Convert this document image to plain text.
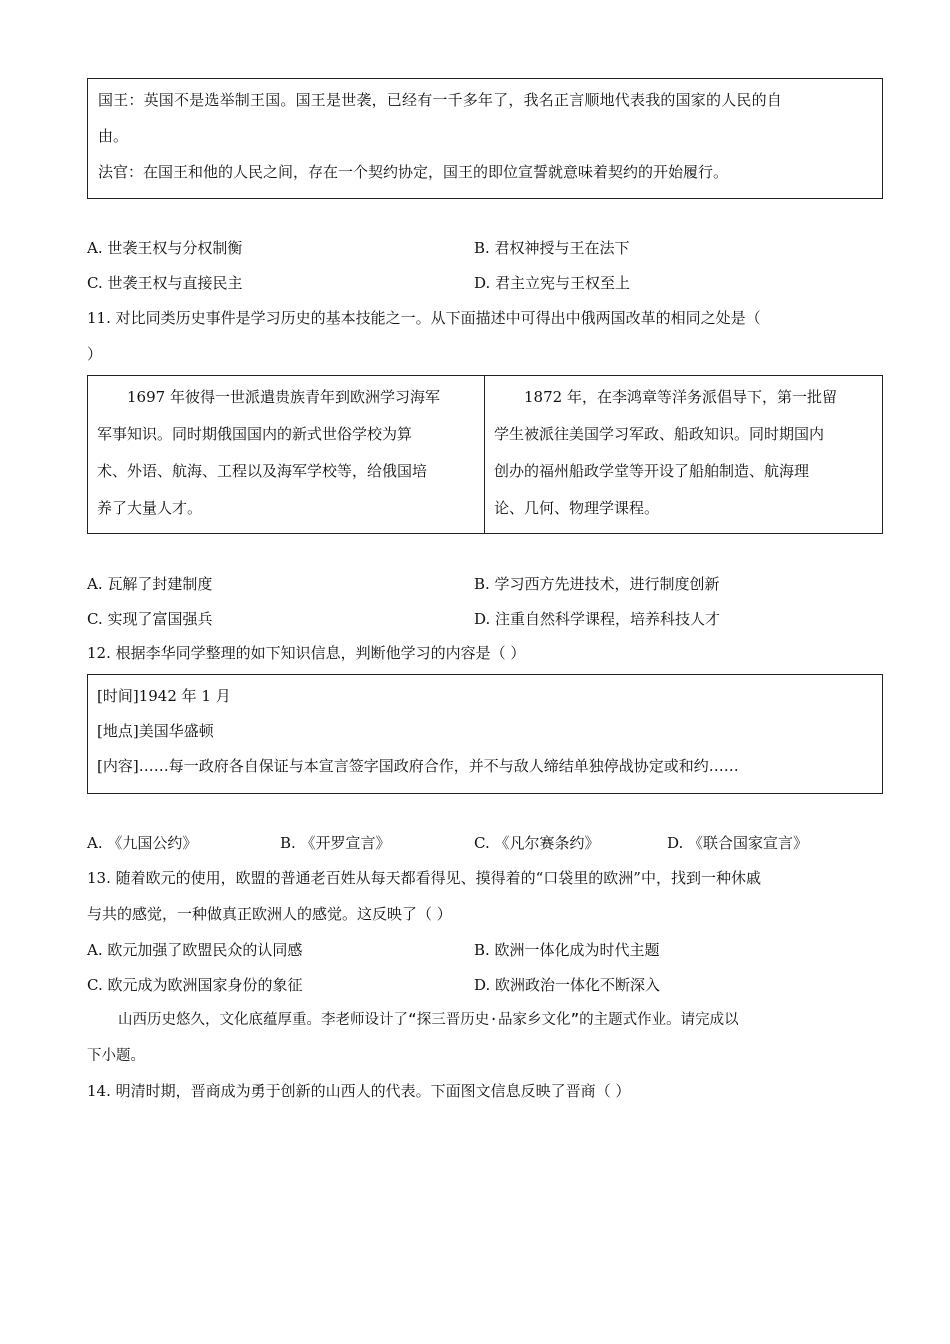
国王：英国不是选举制王国。国王是世袭，已经有一千多年了，我名正言顺地代表我的国家的人民的自
由。
法官：在国王和他的人民之间，存在一个契约协定，国王的即位宣誓就意味着契约的开始履行。
A. 世袭王权与分权制衡	B. 君权神授与王在法下
C. 世袭王权与直接民主	D. 君主立宪与王权至上
11. 对比同类历史事件是学习历史的基本技能之一。从下面描述中可得出中俄两国改革的相同之处是（
）
1697 年彼得一世派遣贵族青年到欧洲学习海军
军事知识。同时期俄国国内的新式世俗学校为算
术、外语、航海、工程以及海军学校等，给俄国培
养了大量人才。
1872 年，在李鸿章等洋务派倡导下，第一批留
学生被派往美国学习军政、船政知识。同时期国内
创办的福州船政学堂等开设了船舶制造、航海理
论、几何、物理学课程。
A. 瓦解了封建制度	B. 学习西方先进技术，进行制度创新
C. 实现了富国强兵	D. 注重自然科学课程，培养科技人才
12. 根据李华同学整理的如下知识信息，判断他学习的内容是（ ）
[时间]1942 年 1 月
[地点]美国华盛顿
[内容]……每一政府各自保证与本宣言签字国政府合作，并不与敌人缔结单独停战协定或和约……
A. 《九国公约》	B. 《开罗宣言》	C. 《凡尔赛条约》	D. 《联合国家宣言》
13. 随着欧元的使用，欧盟的普通老百姓从每天都看得见、摸得着的“口袋里的欧洲”中，找到一种休戚
与共的感觉，一种做真正欧洲人的感觉。这反映了（ ）
A. 欧元加强了欧盟民众的认同感	B. 欧洲一体化成为时代主题
C. 欧元成为欧洲国家身份的象征	D. 欧洲政治一体化不断深入
山西历史悠久，文化底蕴厚重。李老师设计了“探三晋历史·品家乡文化”的主题式作业。请完成以
下小题。
14. 明清时期，晋商成为勇于创新的山西人的代表。下面图文信息反映了晋商（ ）
